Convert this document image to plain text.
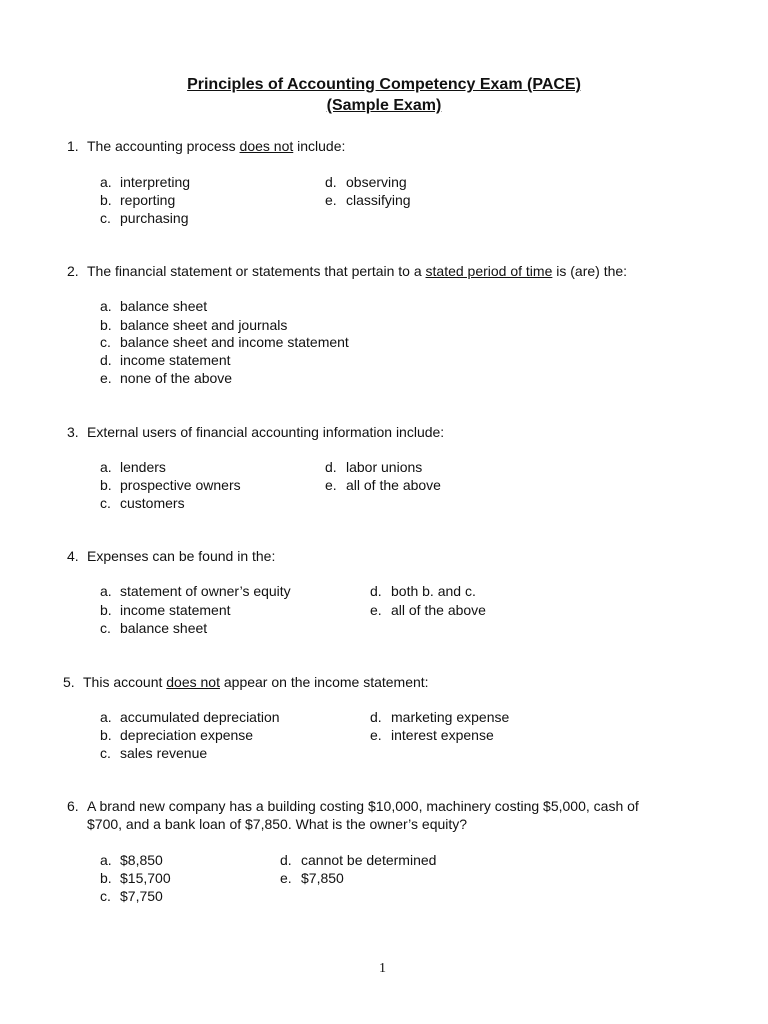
Principles of Accounting Competency Exam (PACE)
(Sample Exam)
1. The accounting process does not include:
a. interpreting
b. reporting
c. purchasing
d. observing
e. classifying
2. The financial statement or statements that pertain to a stated period of time is (are) the:
a. balance sheet
b. balance sheet and journals
c. balance sheet and income statement
d. income statement
e. none of the above
3. External users of financial accounting information include:
a. lenders
b. prospective owners
c. customers
d. labor unions
e. all of the above
4. Expenses can be found in the:
a. statement of owner’s equity
b. income statement
c. balance sheet
d. both b. and c.
e. all of the above
5. This account does not appear on the income statement:
a. accumulated depreciation
b. depreciation expense
c. sales revenue
d. marketing expense
e. interest expense
6. A brand new company has a building costing $10,000, machinery costing $5,000, cash of
$700, and a bank loan of $7,850. What is the owner’s equity?
a. $8,850
b. $15,700
c. $7,750
d. cannot be determined
e. $7,850
1
